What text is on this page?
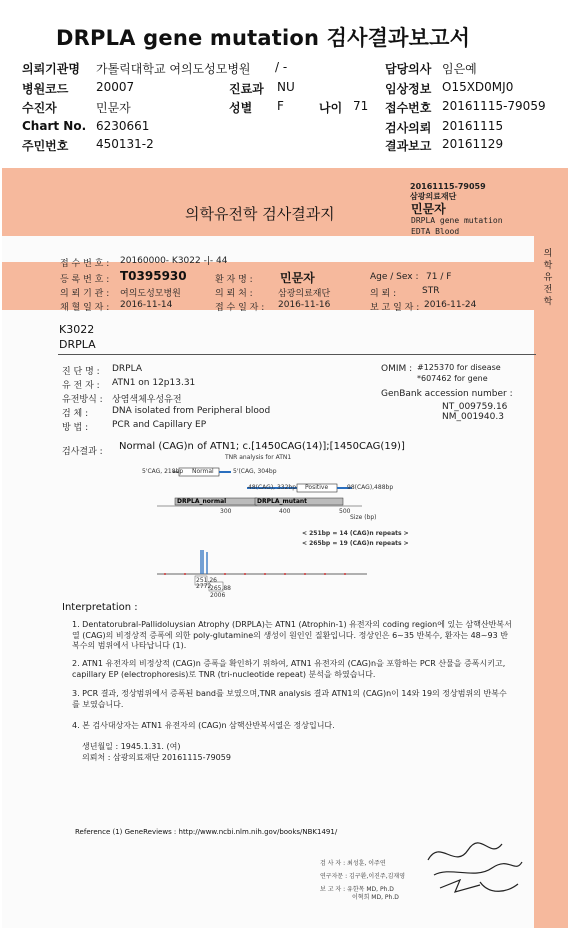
DRPLA gene mutation 검사결과보고서
의뢰기관명 가톨릭대학교 여의도성모병원 / -	담당의사 임은예
병원코드 20007	진료과 NU	임상정보 O15XD0MJ0
수진자	민문자	성별 F	나이 71 접수번호 20161115-79059
Chart No. 6230661	검사의뢰 20161115
주민번호 450131-2	결과보고 20161129
의학유전학 검사결과지
20161115-79059
삼광의료재단
민문자
DRPLA gene mutation
EDTA Blood
의
학
유
전
학
접 수 번 호 : 20160000- K3022 -|- 44
등 록 번 호 : T0395930	환 자 명 : 민문자	Age / Sex : 71 / F
의 뢰 기 관 : 여의도성모병원	의 뢰 처 :	삼광의료재단	의 뢰 :	STR
채 혈 일 자 : 2016-11-14	접 수 일 자 : 2016-11-16	보 고 일 자 : 2016-11-24
K3022
DRPLA
진 단 명 : DRPLA
유 전 자 : ATN1 on 12p13.31
유전방식 : 상염색체우성유전
검 체 :	DNA isolated from Peripheral blood
방 법 :	PCR and Capillary EP
OMIM : #125370 for disease
*607462 for gene
GenBank accession number :
NT_009759.16
NM_001940.3
검사결과 : Normal (CAG)n of ATN1; c.[1450CAG(14)];[1450CAG(19)]
TNR analysis for ATN1
5'CAG, 218bp Normal	5'(CAG, 304bp
48(CAG), 332bp Positive	98(CAG),488bp
DRPLA_normal	DRPLA_mutant
300	400	500
Size (bp)
251.26
2772
265.88
2006
< 251bp = 14 (CAG)n repeats >
< 265bp = 19 (CAG)n repeats >
Interpretation :
1. Dentatorubral-Pallidoluysian Atrophy (DRPLA)는 ATN1 (Atrophin-1) 유전자의 coding region에 있는 삼핵산반복서열 (CAG)의 비정상적 증폭에 의한 poly-glutamine의 생성이 원인인 질환입니다. 정상인은 6~35 반복수, 환자는 48~93 반복수의 범위에서 나타납니다 (1).
2. ATN1 유전자의 비정상적 (CAG)n 증폭을 확인하기 위하여, ATN1 유전자의 (CAG)n을 포함하는 PCR 산물을 증폭시키고, capillary EP (electrophoresis)로 TNR (tri-nucleotide repeat) 분석을 하였습니다.
3. PCR 결과, 정상범위에서 증폭된 band를 보였으며,TNR analysis 결과 ATN1의 (CAG)n이 14와 19의 정상범위의 반복수를 보였습니다.
4. 본 검사대상자는 ATN1 유전자의 (CAG)n 삼핵산반복서열은 정상입니다.
생년월일 : 1945.1.31. (여)
의뢰처 : 삼광의료재단 20161115-79059
Reference (1) GeneReviews : http://www.ncbi.nlm.nih.gov/books/NBK1491/
검 사 자 : 최성훈, 이주연
연구자문 : 김구환,이진주,김재영
보 고 자 : 유한목 MD, Ph.D
이혁희 MD, Ph.D
